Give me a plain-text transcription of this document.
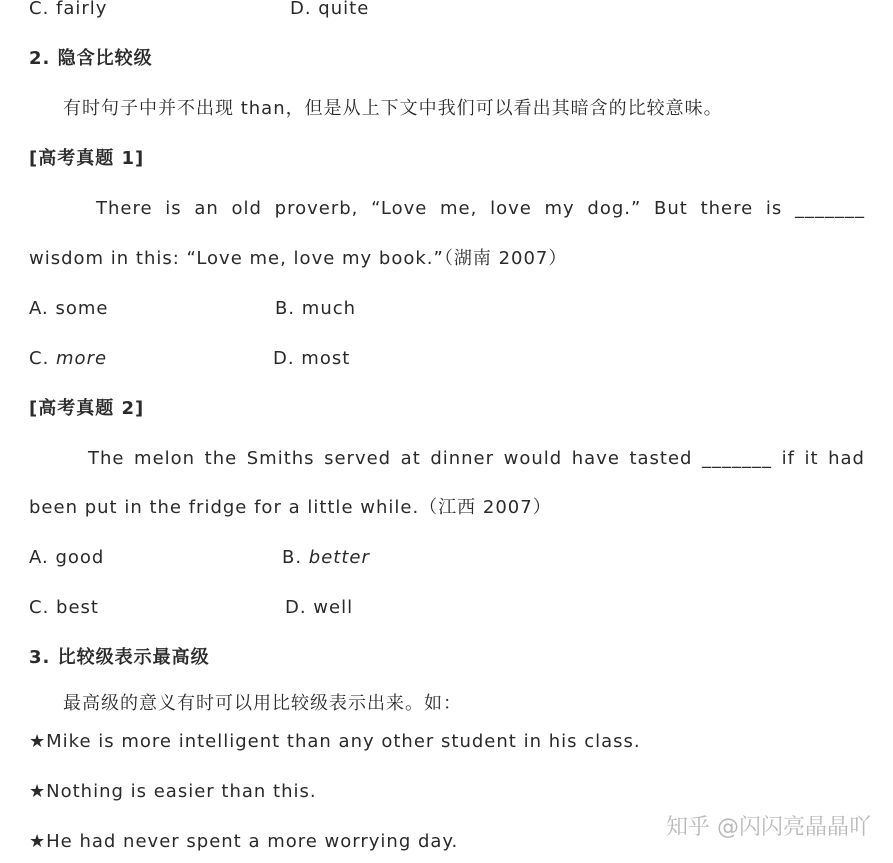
C. fairly	D. quite
2. 隐含比较级
有时句子中并不出现 than，但是从上下文中我们可以看出其暗含的比较意味。
[高考真题 1]
There is an old proverb, “Love me, love my dog.” But there is _______
wisdom in this: “Love me, love my book.”（湖南 2007）
A. some	B. much
C. more	D. most
[高考真题 2]
The melon the Smiths served at dinner would have tasted _______ if it had
been put in the fridge for a little while.（江西 2007）
A. good	B. better
C. best	D. well
3. 比较级表示最高级
最高级的意义有时可以用比较级表示出来。如：
★Mike is more intelligent than any other student in his class.
★Nothing is easier than this.
★He had never spent a more worrying day.
知乎 @闪闪亮晶晶吖
